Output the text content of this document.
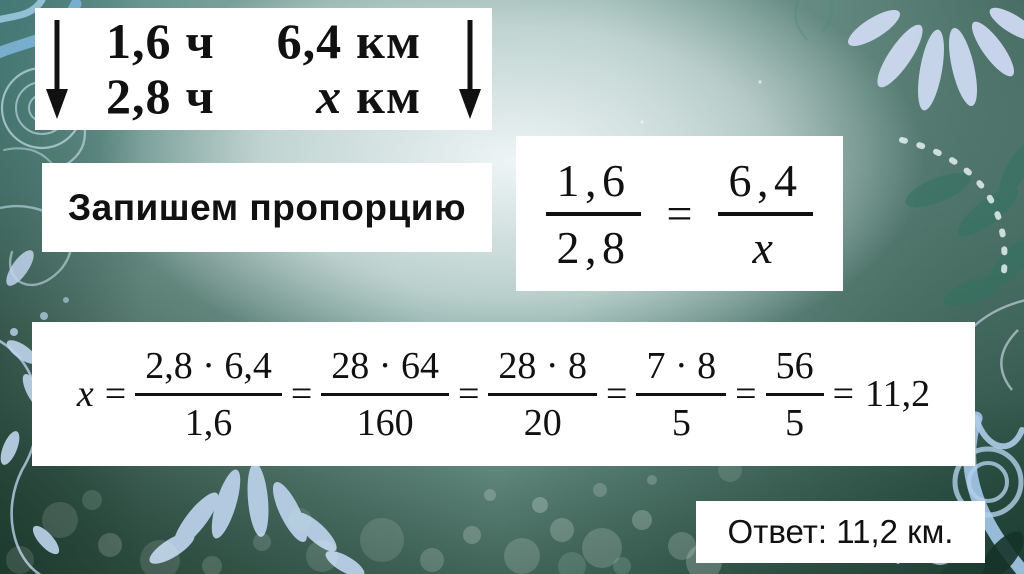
1,6 ч 6,4 км
2,8 ч	x км
Запишем пропорцию $\frac{1,6}{2,8} = \frac{6,4}{x}$
$x = \frac{2,8 \cdot 6,4}{1,6} = \frac{28 \cdot 64}{160} = \frac{28 \cdot 8}{20} = \frac{7 \cdot 8}{5} = \frac{56}{5} = 11,2$
Ответ: 11,2 км.
